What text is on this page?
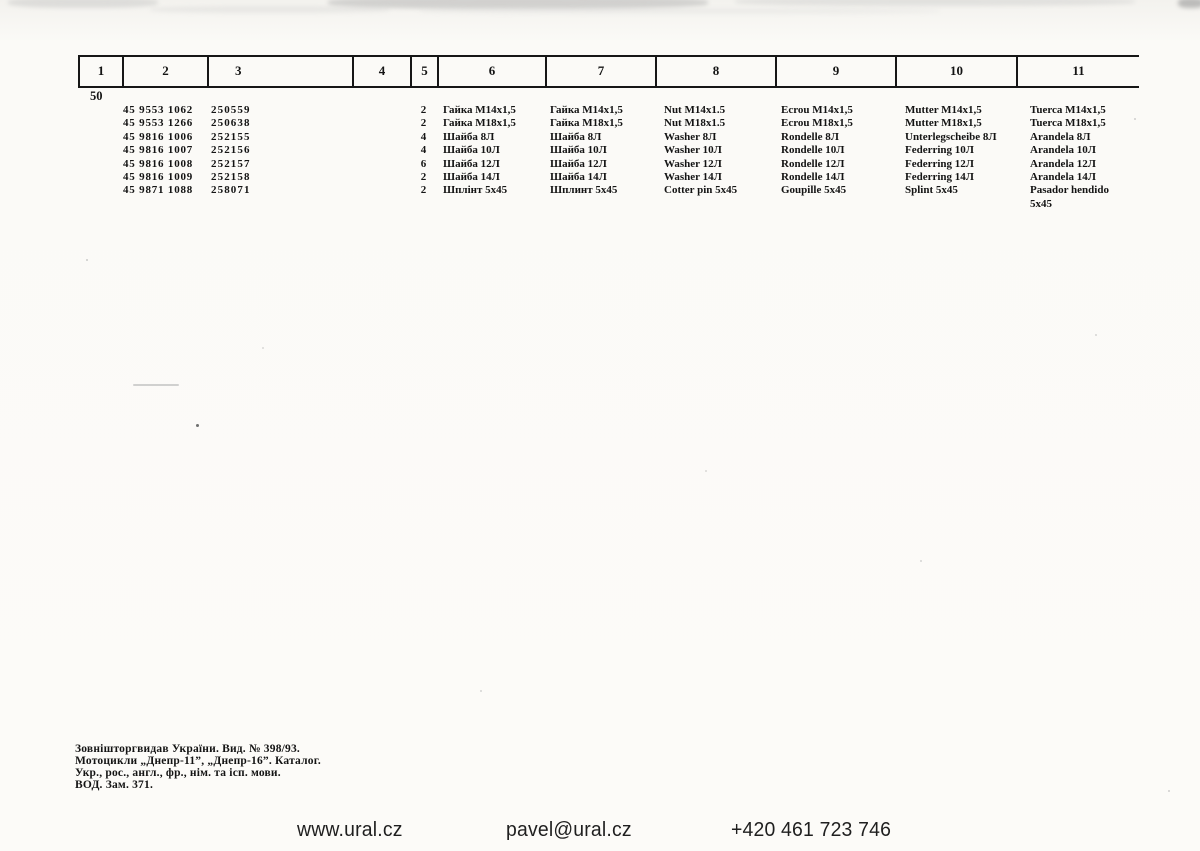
1	2	3	4	5	6	7	8	9	10	11
50
45 9553 1062	250559	2	Гайка М14х1,5	Гайка М14х1,5	Nut M14x1.5	Ecrou M14x1,5	Mutter M14x1,5	Tuerca M14x1,5
45 9553 1266	250638	2	Гайка М18х1,5	Гайка М18х1,5	Nut M18x1.5	Ecrou M18x1,5	Mutter M18x1,5	Tuerca M18x1,5
45 9816 1006	252155	4	Шайба 8Л	Шайба 8Л	Washer 8Л	Rondelle 8Л	Unterlegscheibe 8Л	Arandela 8Л
45 9816 1007	252156	4	Шайба 10Л	Шайба 10Л	Washer 10Л	Rondelle 10Л	Federring 10Л	Arandela 10Л
45 9816 1008	252157	6	Шайба 12Л	Шайба 12Л	Washer 12Л	Rondelle 12Л	Federring 12Л	Arandela 12Л
45 9816 1009	252158	2	Шайба 14Л	Шайба 14Л	Washer 14Л	Rondelle 14Л	Federring 14Л	Arandela 14Л
45 9871 1088	258071	2	Шплінт 5х45	Шплинт 5х45	Cotter pin 5x45	Goupille 5x45	Splint 5x45	Pasador hendido 5x45
Зовнішторгвидав України. Вид. № 398/93.
Мотоцикли „Днепр-11”, „Днепр-16”. Каталог.
Укр., рос., англ., фр., нім. та ісп. мови.
ВОД. Зам. 371.
www.ural.cz	pavel@ural.cz	+420 461 723 746
